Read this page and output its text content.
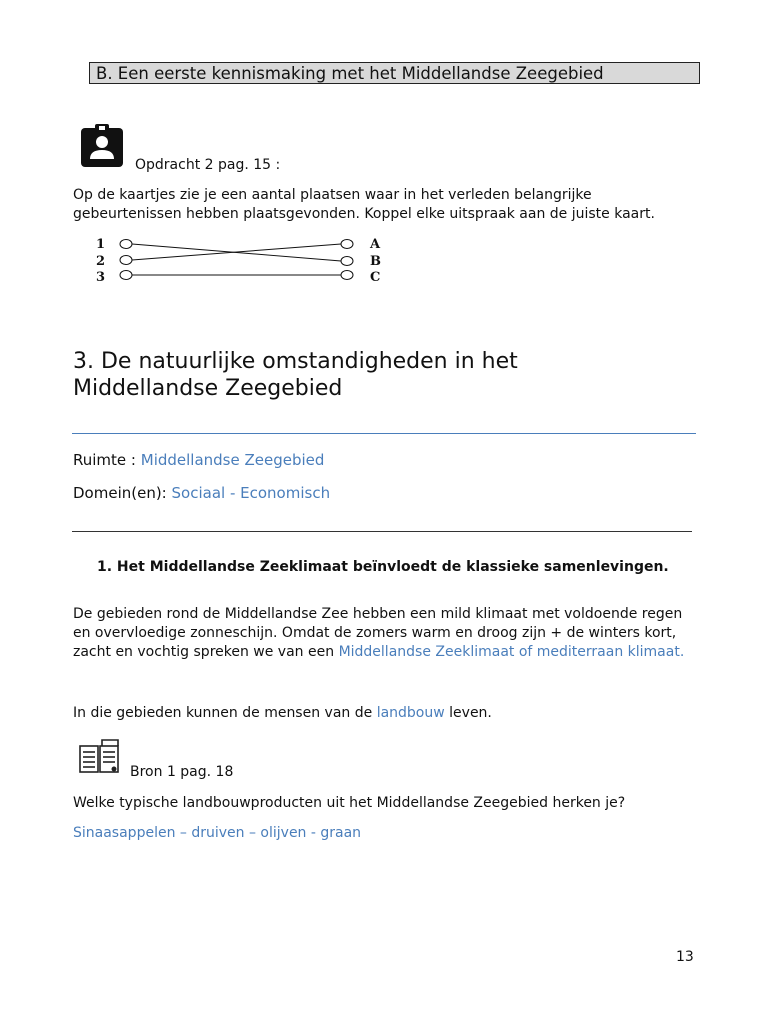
B. Een eerste kennismaking met het Middellandse Zeegebied
Opdracht 2 pag. 15 :
Op de kaartjes zie je een aantal plaatsen waar in het verleden belangrijke
gebeurtenissen hebben plaatsgevonden. Koppel elke uitspraak aan de juiste kaart.
1
2
3
A
B
C
3. De natuurlijke omstandigheden in het
Middellandse Zeegebied
Ruimte : Middellandse Zeegebied
Domein(en): Sociaal - Economisch
1. Het Middellandse Zeeklimaat beïnvloedt de klassieke samenlevingen.
De gebieden rond de Middellandse Zee hebben een mild klimaat met voldoende regen
en overvloedige zonneschijn. Omdat de zomers warm en droog zijn + de winters kort,
zacht en vochtig spreken we van een Middellandse Zeeklimaat of mediterraan klimaat.
In die gebieden kunnen de mensen van de landbouw leven.
Bron 1 pag. 18
Welke typische landbouwproducten uit het Middellandse Zeegebied herken je?
Sinaasappelen – druiven – olijven - graan
13
